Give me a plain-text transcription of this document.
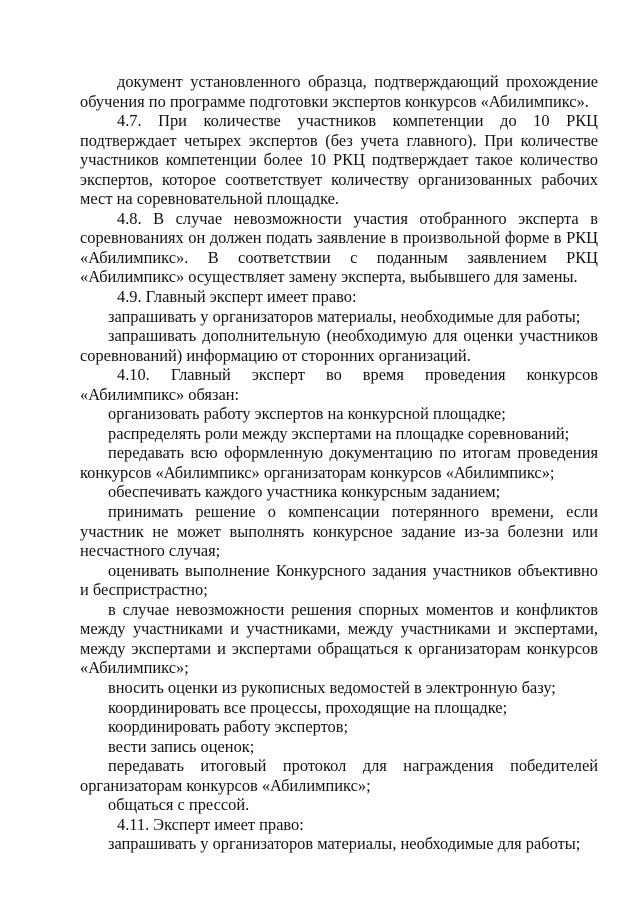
документ установленного образца, подтверждающий прохождение обучения по программе подготовки экспертов конкурсов «Абилимпикс».

4.7. При количестве участников компетенции до 10 РКЦ подтверждает четырех экспертов (без учета главного). При количестве участников компетенции более 10 РКЦ подтверждает такое количество экспертов, которое соответствует количеству организованных рабочих мест на соревновательной площадке.

4.8. В случае невозможности участия отобранного эксперта в соревнованиях он должен подать заявление в произвольной форме в РКЦ «Абилимпикс». В соответствии с поданным заявлением РКЦ «Абилимпикс» осуществляет замену эксперта, выбывшего для замены.

4.9. Главный эксперт имеет право:

запрашивать у организаторов материалы, необходимые для работы;

запрашивать дополнительную (необходимую для оценки участников соревнований) информацию от сторонних организаций.

4.10. Главный эксперт во время проведения конкурсов «Абилимпикс» обязан:

организовать работу экспертов на конкурсной площадке;

распределять роли между экспертами на площадке соревнований;

передавать всю оформленную документацию по итогам проведения конкурсов «Абилимпикс» организаторам конкурсов «Абилимпикс»;

обеспечивать каждого участника конкурсным заданием;

принимать решение о компенсации потерянного времени, если участник не может выполнять конкурсное задание из-за болезни или несчастного случая;

оценивать выполнение Конкурсного задания участников объективно и беспристрастно;

в случае невозможности решения спорных моментов и конфликтов между участниками и участниками, между участниками и экспертами, между экспертами и экспертами обращаться к организаторам конкурсов «Абилимпикс»;

вносить оценки из рукописных ведомостей в электронную базу;

координировать все процессы, проходящие на площадке;

координировать работу экспертов;

вести запись оценок;

передавать итоговый протокол для награждения победителей организаторам конкурсов «Абилимпикс»;

общаться с прессой.

4.11. Эксперт имеет право:

запрашивать у организаторов материалы, необходимые для работы;
